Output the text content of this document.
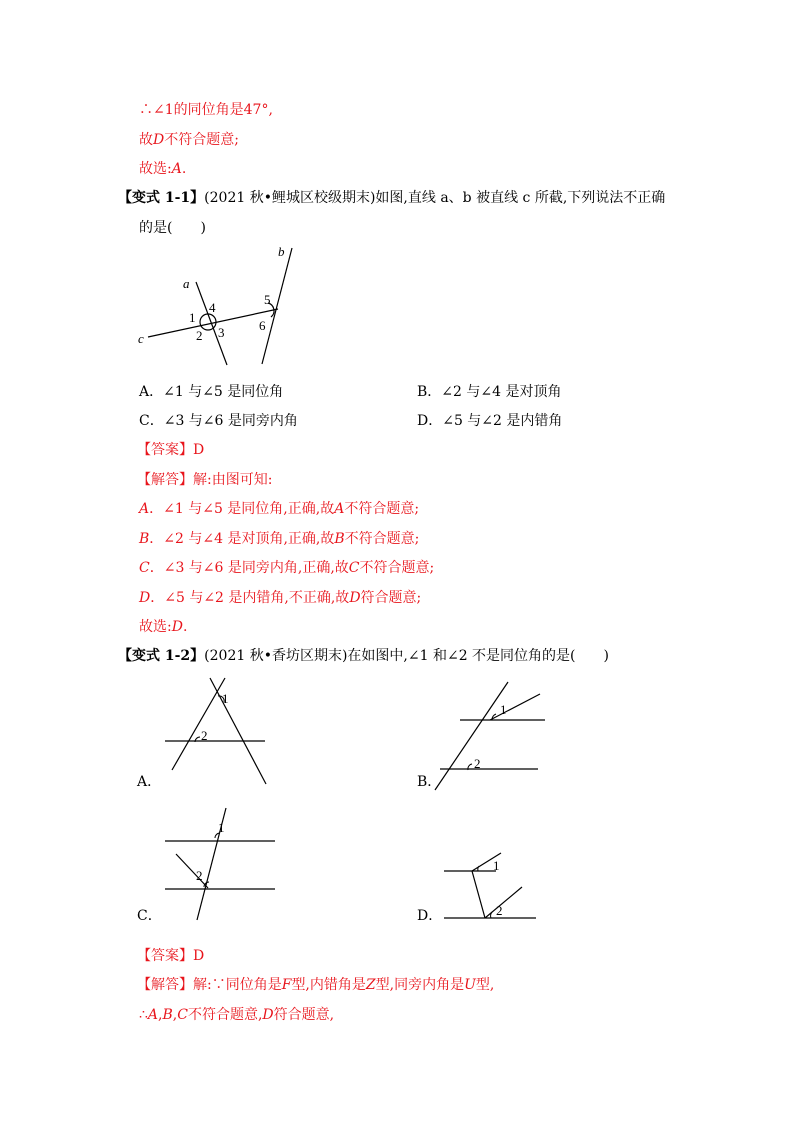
∴∠1的同位角是47°,
故D不符合题意;
故选:A.
【变式 1-1】(2021 秋•鲤城区校级期末)如图,直线 a、b 被直线 c 所截,下列说法不正确
的是(　　)
a
b
c
1
2 3
4
5
6
A．∠1 与∠5 是同位角	B．∠2 与∠4 是对顶角
C．∠3 与∠6 是同旁内角	D．∠5 与∠2 是内错角
【答案】D
【解答】解:由图可知:
A．∠1 与∠5 是同位角,正确,故A不符合题意;
B．∠2 与∠4 是对顶角,正确,故B不符合题意;
C．∠3 与∠6 是同旁内角,正确,故C不符合题意;
D．∠5 与∠2 是内错角,不正确,故D符合题意;
故选:D.
【变式 1-2】(2021 秋•香坊区期末)在如图中,∠1 和∠2 不是同位角的是(　　)
1
2
A．
1
2
B．
1
2
C．
1
2
D．
【答案】D
【解答】解:∵同位角是F型,内错角是Z型,同旁内角是U型,
∴A,B,C不符合题意,D符合题意,
